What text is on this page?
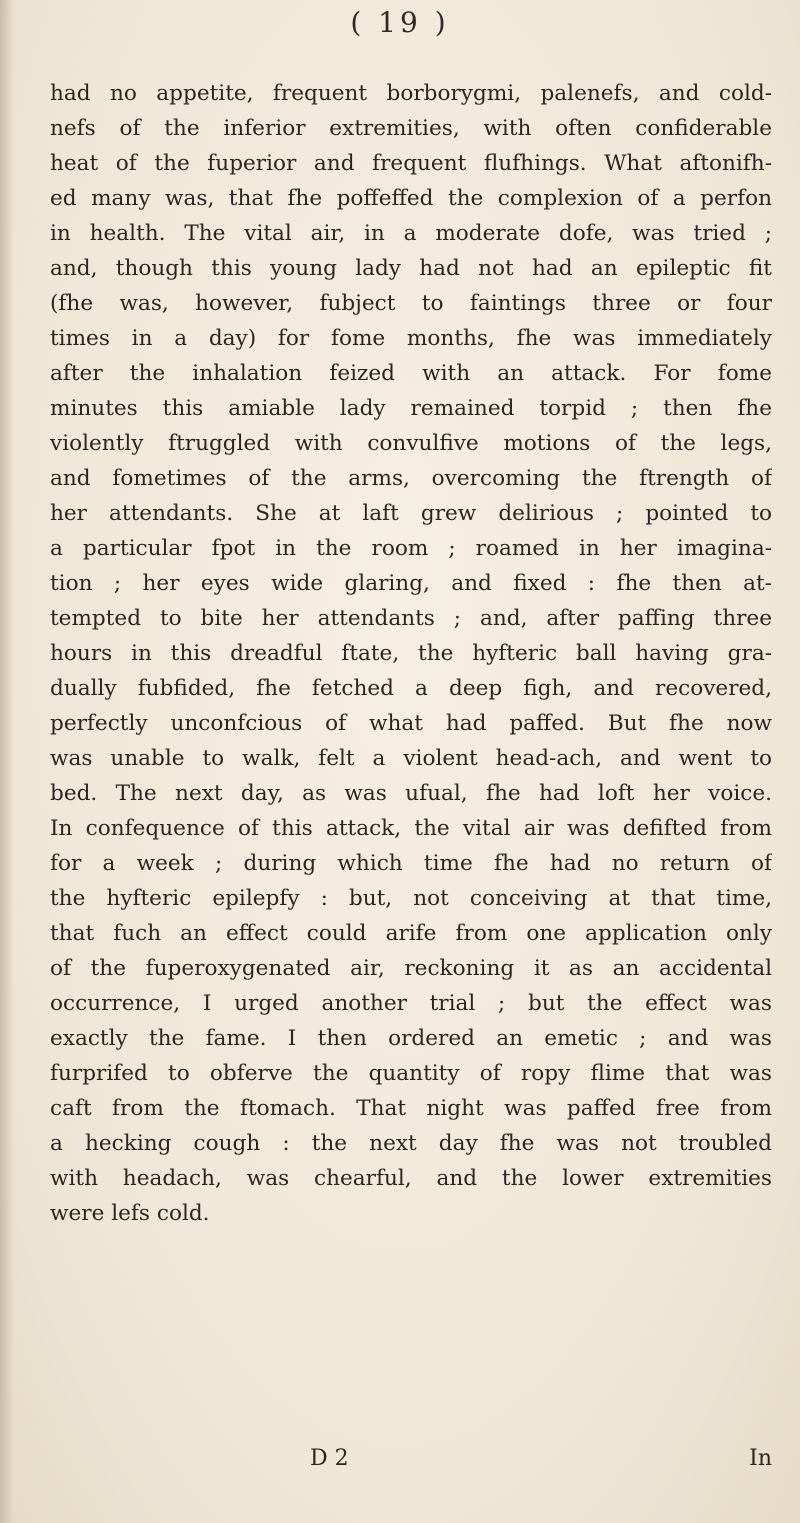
( 19 )
had no appetite, frequent borborygmi, palenefs, and cold-
nefs of the inferior extremities, with often confiderable
heat of the fuperior and frequent flufhings. What aftonifh-
ed many was, that fhe poffeffed the complexion of a perfon
in health. The vital air, in a moderate dofe, was tried ;
and, though this young lady had not had an epileptic fit
(fhe was, however, fubject to faintings three or four
times in a day) for fome months, fhe was immediately
after the inhalation feized with an attack. For fome
minutes this amiable lady remained torpid ; then fhe
violently ftruggled with convulfive motions of the legs,
and fometimes of the arms, overcoming the ftrength of
her attendants. She at laft grew delirious ; pointed to
a particular fpot in the room ; roamed in her imagina-
tion ; her eyes wide glaring, and fixed : fhe then at-
tempted to bite her attendants ; and, after paffing three
hours in this dreadful ftate, the hyfteric ball having gra-
dually fubfided, fhe fetched a deep figh, and recovered,
perfectly unconfcious of what had paffed. But fhe now
was unable to walk, felt a violent head-ach, and went to
bed. The next day, as was ufual, fhe had loft her voice.
In confequence of this attack, the vital air was defifted from
for a week ; during which time fhe had no return of
the hyfteric epilepfy : but, not conceiving at that time,
that fuch an effect could arife from one application only
of the fuperoxygenated air, reckoning it as an accidental
occurrence, I urged another trial ; but the effect was
exactly the fame. I then ordered an emetic ; and was
furprifed to obferve the quantity of ropy flime that was
caft from the ftomach. That night was paffed free from
a hecking cough : the next day fhe was not troubled
with headach, was chearful, and the lower extremities
were lefs cold.
D 2	In
